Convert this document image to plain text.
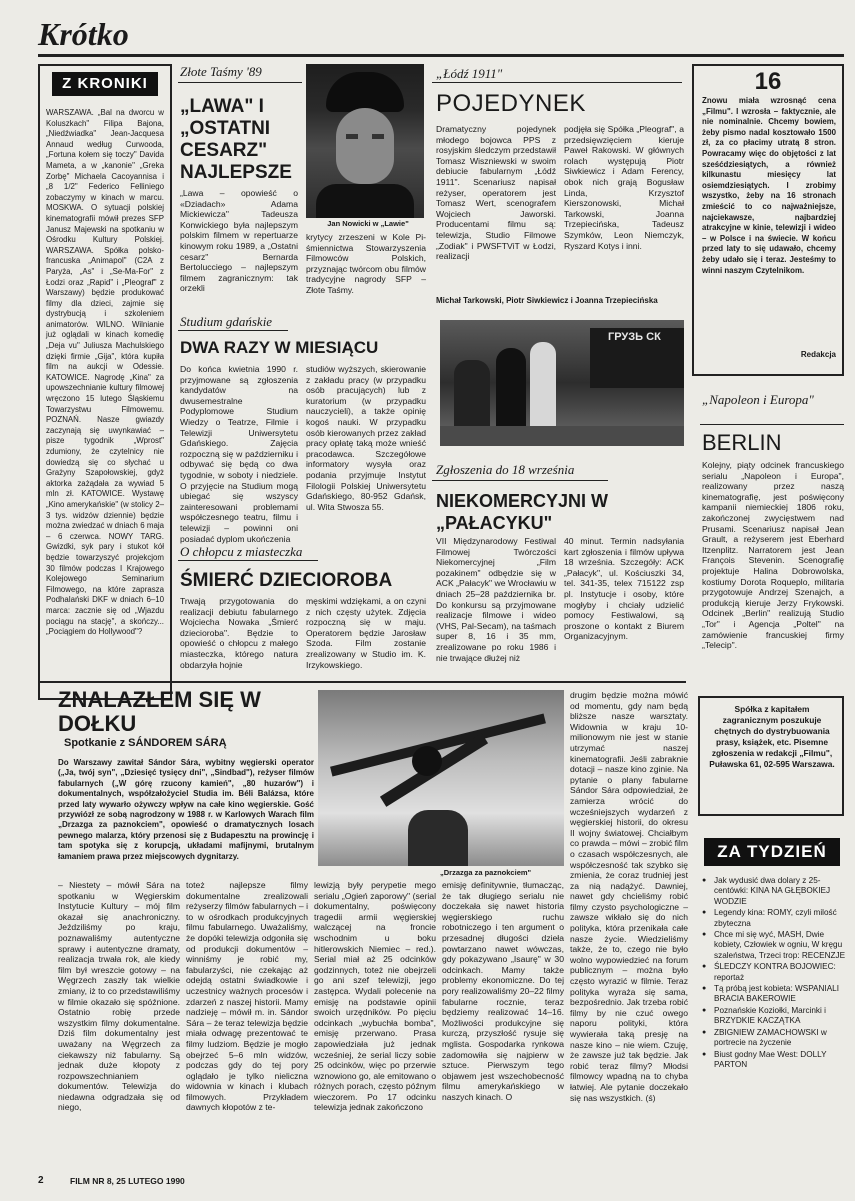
Krótko
Z KRONIKI
WARSZAWA. „Bal na dworcu w Koluszkach" Filipa Bajona, „Niedźwiadka" Jean-Jacquesa Annaud według Curwooda, „Fortuna kołem się toczy" Davida Mameta, a w „kanonie" „Greka Zorbę" Michaela Cacoyannisa i „8 1/2" Federico Felliniego zobaczymy w kinach w marcu. MOSKWA. O sytuacji polskiej kinematografii mówił prezes SFP Janusz Majewski na spotkaniu w Ośrodku Kultury Polskiej. WARSZAWA. Spółka polsko-francuska „Animapol" (C2A z Paryża, „As" i „Se-Ma-For" z Łodzi oraz „Rapid" i „Pleograf" z Warszawy) będzie produkować filmy dla dzieci, zajmie się dystrybucją i szkoleniem animatorów. WILNO. Wilnianie już oglądali w kinach komedię „Deja vu" Juliusza Machulskiego dzięki firmie „Gija", która kupiła film na aukcji w Odessie. KATOWICE. Nagrodę „Kina" za upowszechnianie kultury filmowej wręczono 15 lutego Śląskiemu Towarzystwu Filmowemu. POZNAŃ. Nasze gwiazdy zaczynają się uwynkawiać – pisze tygodnik „Wprost" zdumiony, że czytelnicy nie dowiedzą się co słychać u Grażyny Szapołowskiej, gdyż aktorka zażądała za wywiad 5 mln zł. KATOWICE. Wystawę „Kino amerykańskie" (w stolicy 2–3 tys. widzów dziennie) będzie można zwiedzać w dniach 6 maja – 6 czerwca. NOWY TARG. Gwizdki, syk pary i stukot kół będzie towarzyszyć projekcjom 30 filmów podczas I Krajowego Kolejowego Seminarium Filmowego, na które zaprasza Podhalański DKF w dniach 6–10 marca: zacznie się od „Wjazdu pociągu na stację", a skończy... „Pociągiem do Hollywood"?
Złote Taśmy '89
„LAWA" I „OSTATNI CESARZ" NAJLEPSZE
„Lawa – opowieść o «Dziadach» Adama Mickiewicza" Tadeusza Konwickiego była najlepszym polskim filmem w repertuarze kinowym roku 1989, a „Ostatni cesarz" Bernarda Bertolucciego – najlepszym filmem zagranicznym: tak orzekli
Jan Nowicki w „Lawie"
krytycy zrzeszeni w Kole Pi-śmiennictwa Stowarzyszenia Filmowców Polskich, przyznając twórcom obu filmów tradycyjne nagrody SFP – Złote Taśmy.
„Łódź 1911"
POJEDYNEK
Dramatyczny pojedynek młodego bojowca PPS z rosyjskim śledczym przedstawił Tomasz Wiszniewski w swoim debiucie fabularnym „Łódź 1911". Scenariusz napisał reżyser, operatorem jest Tomasz Wert, scenografem Wojciech Jaworski. Producentami filmu są: telewizja, Studio Filmowe „Zodiak" i PWSFTViT w Łodzi, realizacji
podjęła się Spółka „Pleograf", a przedsięwzięciem kieruje Paweł Rakowski. W głównych rolach występują Piotr Siwkiewicz i Adam Ferency, obok nich grają Bogusław Linda, Krzysztof Kierszonowski, Michał Tarkowski, Joanna Trzepiecińska, Tadeusz Szymków, Leon Niemczyk, Ryszard Kotys i inni.
Michał Tarkowski, Piotr Siwkiewicz i Joanna Trzepiecińska
ГРУЗЬ СК
16
Znowu miała wzrosnąć cena „Filmu". I wzrosła – faktycznie, ale nie nominalnie. Chcemy bowiem, żeby pismo nadal kosztowało 1500 zł, za co płacimy utratą 8 stron. Powracamy więc do objętości z lat sześćdziesiątych, a również kilkunastu miesięcy lat osiemdziesiątych. I zrobimy wszystko, żeby na 16 stronach zmieścić to co najważniejsze, najciekawsze, najbardziej atrakcyjne w kinie, telewizji i wideo – w Polsce i na świecie. W końcu przed laty to się udawało, chcemy żeby udało się i teraz. Jesteśmy to winni naszym Czytelnikom.
Redakcja
„Napoleon i Europa"
BERLIN
Kolejny, piąty odcinek francuskiego serialu „Napoleon i Europa", realizowany przez naszą kinematografię, jest poświęcony kampanii niemieckiej 1806 roku, zakończonej zwycięstwem nad Prusami. Scenariusz napisał Jean Grault, a reżyserem jest Eberhard Itzenplitz. Narratorem jest Jean François Stevenin. Scenografię projektuje Halina Dobrowolska, kostiumy Dorota Roqueplo, militaria przygotowuje Andrzej Szenajch, a produkcją kieruje Jerzy Frykowski. Odcinek „Berlin" realizują Studio „Tor" i Agencja „Poltel" na zamówienie francuskiej firmy „Telecip".
Studium gdańskie
DWA RAZY W MIESIĄCU
Do końca kwietnia 1990 r. przyjmowane są zgłoszenia kandydatów na dwusemestralne Podyplomowe Studium Wiedzy o Teatrze, Filmie i Telewizji Uniwersytetu Gdańskiego. Zajęcia rozpoczną się w październiku i odbywać się będą co dwa tygodnie, w soboty i niedziele. O przyjęcie na Studium mogą ubiegać się wszyscy zainteresowani problemami współczesnego teatru, filmu i telewizji – powinni oni posiadać dyplom ukończenia
studiów wyższych, skierowanie z zakładu pracy (w przypadku osób pracujących) lub z kuratorium (w przypadku nauczycieli), a także opinię kogoś nauki. W przypadku osób kierowanych przez zakład pracy opłatę taką może wnieść pracodawca. Szczegółowe informatory wysyła oraz podania przyjmuje Instytut Filologii Polskiej Uniwersytetu Gdańskiego, 80-952 Gdańsk, ul. Wita Stwosza 55.
O chłopcu z miasteczka
ŚMIERĆ DZIECIOROBA
Trwają przygotowania do realizacji debiutu fabularnego Wojciecha Nowaka „Śmierć dziecioroba". Będzie to opowieść o chłopcu z małego miasteczka, którego natura obdarzyła hojnie
męskimi wdziękami, a on czyni z nich częsty użytek. Zdjęcia rozpoczną się w maju. Operatorem będzie Jarosław Szoda. Film zostanie zrealizowany w Studio im. K. Irzykowskiego.
Zgłoszenia do 18 września
NIEKOMERCYJNI W „PAŁACYKU"
VII Międzynarodowy Festiwal Filmowej Twórczości Niekomercyjnej „Film pozakinem" odbędzie się w ACK „Pałacyk" we Wrocławiu w dniach 25–28 października br. Do konkursu są przyjmowane realizacje filmowe i wideo (VHS, Pal-Secam), na taśmach super 8, 16 i 35 mm, zrealizowane po roku 1986 i nie trwające dłużej niż
40 minut. Termin nadsyłania kart zgłoszenia i filmów upływa 18 września. Szczegóły: ACK „Pałacyk", ul. Kościuszki 34, tel. 341-35, telex 715122 zsp pl. Instytucje i osoby, które mogłyby i chciały udzielić pomocy Festiwalowi, są proszone o kontakt z Biurem Organizacyjnym.
ZNALAZŁEM SIĘ W DOŁKU
Spotkanie z SÁNDOREM SÁRĄ
Do Warszawy zawitał Sándor Sára, wybitny węgierski operator („Ja, twój syn", „Dziesięć tysięcy dni", „Sindbad"), reżyser filmów fabularnych („W górę rzucony kamień", „80 huzarów") i dokumentalnych, współzałożyciel Studia im. Béli Balázsa, które przed laty wywarło ożywczy wpływ na całe kino węgierskie. Gość przywiózł ze sobą nagrodzony w 1988 r. w Karlowych Warach film „Drzazga za paznokciem", opowieść o dramatycznych losach pewnego malarza, który przenosi się z Budapesztu na prowincję i tam spotyka się z korupcją, układami mafijnymi, brutalnym łamaniem prawa przez miejscowych dygnitarzy.
„Drzazga za paznokciem"
– Niestety – mówił Sára na spotkaniu w Węgierskim Instytucie Kultury – mój film okazał się anachroniczny. Jeździliśmy po kraju, poznawaliśmy autentyczne sprawy i autentyczne dramaty, realizacja trwała rok, ale kiedy film był wreszcie gotowy – na Węgrzech zaszły tak wielkie zmiany, iż to co przedstawiliśmy w filmie okazało się spóźnione. Ostatnio robię przede wszystkim filmy dokumentalne. Dziś film dokumentalny jest uważany na Węgrzech za ciekawszy niż fabularny. Są jednak duże kłopoty z rozpowszechnianiem dokumentów. Telewizja do niedawna odgradzała się od niego,
toteż najlepsze filmy dokumentalne zrealizowali reżyserzy filmów fabularnych – i to w ośrodkach produkcyjnych filmu fabularnego. Uważaliśmy, że dopóki telewizja odgoniła się od produkcji dokumentów – winniśmy je robić my, fabularzyści, nie czekając aż odejdą ostatni świadkowie i uczestnicy ważnych procesów i zdarzeń z naszej historii. Mamy nadzieję – mówił m. in. Sándor Sára – że teraz telewizja będzie miała odwagę prezentować te filmy ludziom. Będzie je mogło obejrzeć 5–6 mln widzów, podczas gdy do tej pory oglądało je tylko nieliczna widownia w kinach i klubach filmowych. Przykładem dawnych kłopotów z te-
lewizją były perypetie mego serialu „Ogień zaporowy" (serial dokumentalny, poświęcony tragedii armii węgierskiej walczącej na froncie wschodnim u boku hitlerowskich Niemiec – red.). Serial miał aż 25 odcinków godzinnych, toteż nie obejrzeli go ani szef telewizji, jego zastępca. Wydali polecenie na emisję na podstawie opinii swoich urzędników. Po pięciu odcinkach „wybuchła bomba", emisję przerwano. Prasa zapowiedziała już jednak wcześniej, że serial liczy sobie 25 odcinków, więc po przerwie wznowiono go, ale emitowano o różnych porach, często późnym wieczorem. Po 17 odcinku telewizja jednak zakończono
emisję definitywnie, tłumacząc, że tak długiego serialu nie doczekała się nawet historia węgierskiego ruchu robotniczego i ten argument o przesadnej długości dzieła powtarzano nawet wówczas, gdy pokazywano „Isaurę" w 30 odcinkach. Mamy także problemy ekonomiczne. Do tej pory realizowaliśmy 20–22 filmy fabularne rocznie, teraz będziemy realizować 14–16. Możliwości produkcyjne się kurczą, przyszłość rysuje się mglista. Gospodarka rynkowa zadomowiła się najpierw w sztuce. Pierwszym tego objawem jest wszechobecność filmu amerykańskiego w naszych kinach. O
drugim będzie można mówić od momentu, gdy nam będą bliższe nasze warsztaty. Widownia w kraju 10-milionowym nie jest w stanie utrzymać naszej kinematografii. Jeśli zabraknie dotacji – nasze kino zginie. Na pytanie o plany fabularne Sándor Sára odpowiedział, że zamierza wrócić do wcześniejszych wydarzeń z węgierskiej historii, do okresu II wojny światowej. Chciałbym co prawda – mówi – zrobić film o czasach współczesnych, ale współczesność tak szybko się zmienia, że coraz trudniej jest za nią nadążyć. Dawniej, nawet gdy chcieliśmy robić filmy czysto psychologiczne – zawsze wikłało się do nich polityka, która przenikała całe nasze życie. Wiedzieliśmy także, że to, czego nie było wolno wypowiedzieć na forum publicznym – można było często wyrazić w filmie. Teraz polityka wyraża się sama, bezpośrednio. Jak trzeba robić filmy by nie czuć owego naporu polityki, która wywierała taką presję na nasze kino – nie wiem. Czuję, że zawsze już tak będzie. Jak robić teraz filmy? Młodsi filmowcy wpadną na to chyba łatwiej. Ale pytanie doczekało się nas wszystkich. (ś)
Spółka z kapitałem zagranicznym poszukuje chętnych do dystrybuowania prasy, książek, etc. Pisemne zgłoszenia w redakcji „Filmu", Puławska 61, 02-595 Warszawa.
ZA TYDZIEŃ
● Jak wydusić dwa dolary z 25-centówki: KINA NA GŁĘBOKIEJ WODZIE
● Legendy kina: ROMY, czyli milość zbyteczna
● Chce mi się wyć, MASH, Dwie kobiety, Człowiek w ogniu, W kręgu szaleństwa, Trzeci trop: RECENZJE
● ŚLEDCZY KONTRA BOJOWIEC: reportaż
● Tą próbą jest kobieta: WSPANIALI BRACIA BAKEROWIE
● Poznańskie Koziołki, Marcinki i BRZYDKIE KACZĄTKA
● ZBIGNIEW ZAMACHOWSKI w portrecie na życzenie
● Biust godny Mae West: DOLLY PARTON
2	FILM NR 8, 25 LUTEGO 1990
